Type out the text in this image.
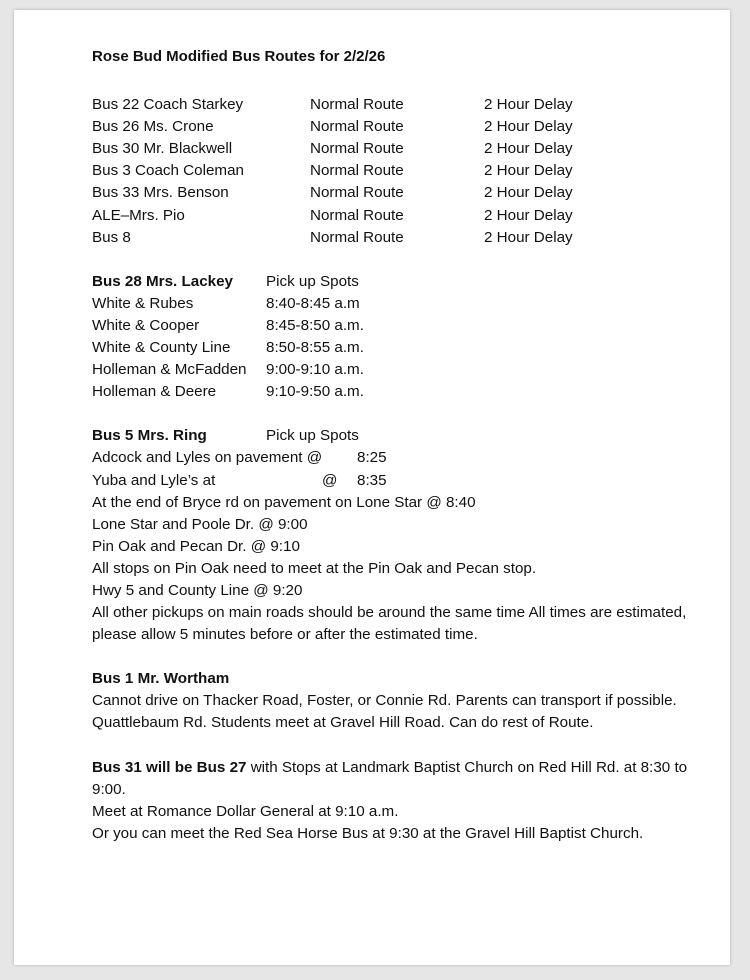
Rose Bud Modified Bus Routes for 2/2/26
Bus 22 Coach Starkey	Normal Route	2 Hour Delay
Bus 26 Ms. Crone	Normal Route	2 Hour Delay
Bus 30 Mr. Blackwell	Normal Route	2 Hour Delay
Bus 3 Coach Coleman	Normal Route	2 Hour Delay
Bus 33 Mrs. Benson	Normal Route	2 Hour Delay
ALE–Mrs. Pio	Normal Route	2 Hour Delay
Bus 8	Normal Route	2 Hour Delay
Bus 28 Mrs. Lackey Pick up Spots
White & Rubes	8:40-8:45 a.m
White & Cooper	8:45-8:50 a.m.
White & County Line 8:50-8:55 a.m.
Holleman & McFadden 9:00-9:10 a.m.
Holleman & Deere	9:10-9:50 a.m.
Bus 5 Mrs. Ring	Pick up Spots
Adcock and Lyles on pavement @ 8:25
Yuba and Lyle’s at	@ 8:35
At the end of Bryce rd on pavement on Lone Star @ 8:40
Lone Star and Poole Dr. @ 9:00
Pin Oak and Pecan Dr. @ 9:10
All stops on Pin Oak need to meet at the Pin Oak and Pecan stop.
Hwy 5 and County Line @ 9:20
All other pickups on main roads should be around the same time All times are estimated, please allow 5 minutes before or after the estimated time.
Bus 1 Mr. Wortham
Cannot drive on Thacker Road, Foster, or Connie Rd. Parents can transport if possible.
Quattlebaum Rd. Students meet at Gravel Hill Road. Can do rest of Route.
Bus 31 will be Bus 27 with Stops at Landmark Baptist Church on Red Hill Rd. at 8:30 to 9:00.
Meet at Romance Dollar General at 9:10 a.m.
Or you can meet the Red Sea Horse Bus at 9:30 at the Gravel Hill Baptist Church.
